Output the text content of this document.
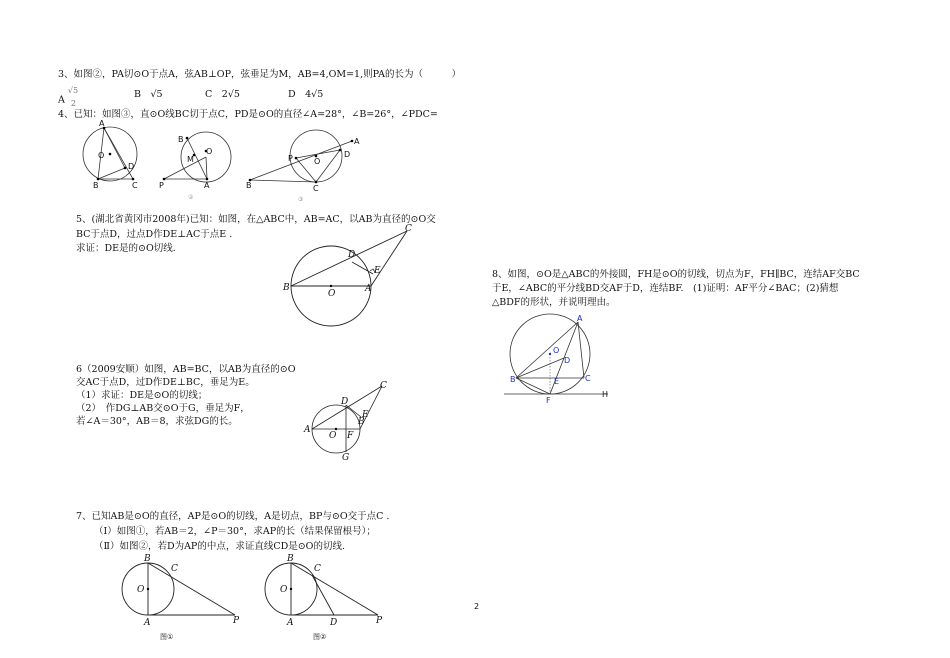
3、如图②，PA切⊙O于点A，弦AB⊥OP，弦垂足为M，AB=4,OM=1,则PA的长为（　　　）
A
√5
2
B　√5	C　2√5	D　4√5
4、已知：如图③，直⊙O线BC切于点C，PD是⊙O的直径∠A=28°，∠B=26°，∠PDC=
A
O
D
B	C
B
O
M
P	A
②
P	O
A
D
B	C
③
5、(湖北省黄冈市2008年)已知：如图，在△ABC中，AB=AC，以AB为直径的⊙O交
BC于点D，过点D作DE⊥AC于点E .
求证：DE是的⊙O切线.
C
D
E
B
O	A
6（2009安顺）如图，AB=BC，以AB为直径的⊙O
交AC于点D，过D作DE⊥BC，垂足为E。
（1）求证：DE是⊙O的切线；
（2）　作DG⊥AB交⊙O于G，垂足为F，
若∠A＝30°，AB＝8，求弦DG的长。
C
D
E
A
O F
B
G
7、已知AB是⊙O的直径，AP是⊙O的切线，A是切点，BP与⊙O交于点C .
（Ⅰ）如图①，若AB＝2，∠P＝30°，求AP的长（结果保留根号）；
（Ⅱ）如图②，若D为AP的中点，求证直线CD是⊙O的切线.
B
C
O
A	P
图①
B
C
O
A	D	P
图②
8、如图，⊙O是△ABC的外接圆，FH是⊙O的切线，切点为F，FH∥BC，连结AF交BC
于E，∠ABC的平分线BD交AF于D，连结BF.　(1)证明：AF平分∠BAC；(2)猜想
△BDF的形状，并说明理由。
A
O
D
B	E	C
F
H
2
